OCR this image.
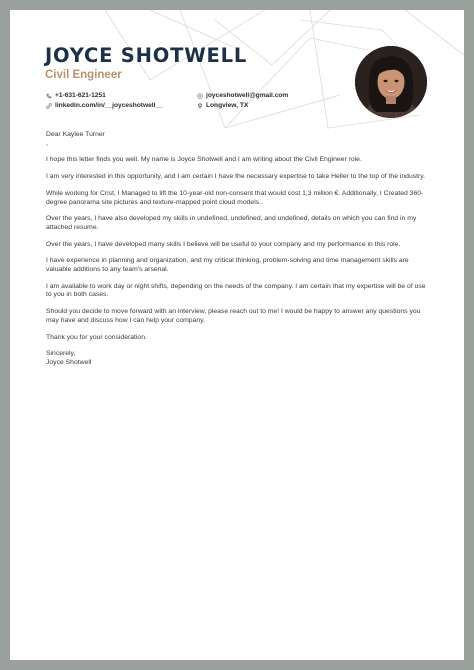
JOYCE SHOTWELL
Civil Engineer
+1-631-621-1251
linkedin.com/in/__joyceshotwell__
joyceshotwell@gmail.com
Longview, TX

Dear Kaylee Turner

,

I hope this letter finds you well. My name is Joyce Shotwell and I am writing about the Civil Engineer role.

I am very interested in this opportunity, and I am certain I have the necessary expertise to take Heller to the top of the industry.

While working for Crist, I Managed to lift the 10-year-old non-consent that would cost 1,3 million €. Additionally, I Created 360-degree panorama site pictures and texture-mapped point cloud models..

Over the years, I have also developed my skills in undefined, undefined, and undefined, details on which you can find in my attached resume.

Over the years, I have developed many skills I believe will be useful to your company and my performance in this role.

I have experience in planning and organization, and my critical thinking, problem-solving and time management skills are valuable additions to any team's arsenal.

I am available to work day or night shifts, depending on the needs of the company. I am certain that my expertise will be of use to you in both cases.

Should you decide to move forward with an interview, please reach out to me! I would be happy to answer any questions you may have and discuss how I can help your company.

Thank you for your consideration.

Sincerely,

Joyce Shotwell
